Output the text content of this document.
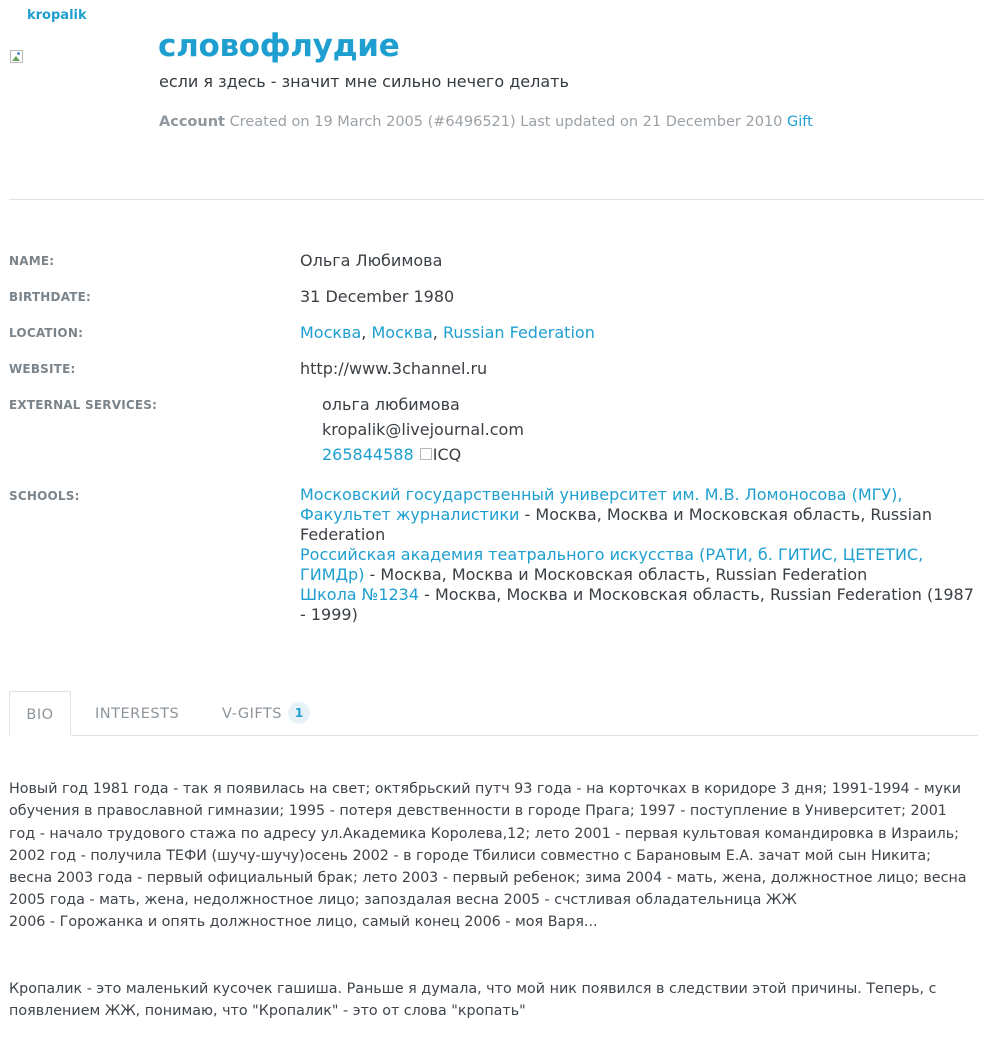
kropalik
словофлудие
если я здесь - значит мне сильно нечего делать
Account Created on 19 March 2005 (#6496521) Last updated on 21 December 2010 Gift
NAME:	Ольга Любимова
BIRTHDATE:	31 December 1980
LOCATION:	Москва, Москва, Russian Federation
WEBSITE:	http://www.3channel.ru
EXTERNAL SERVICES:	ольга любимова
kropalik@livejournal.com
265844588 ICQ
SCHOOLS:	Московский государственный университет им. М.В. Ломоносова (МГУ), Факультет журналистики - Москва, Москва и Московская область, Russian Federation
Российская академия театрального искусства (РАТИ, б. ГИТИС, ЦЕТЕТИС, ГИМДр) - Москва, Москва и Московская область, Russian Federation
Школа №1234 - Москва, Москва и Московская область, Russian Federation (1987 - 1999)
BIO	INTERESTS	V-GIFTS 1

Новый год 1981 года - так я появилась на свет; октябрьский путч 93 года - на корточках в коридоре 3 дня; 1991-1994 - муки обучения в православной гимназии; 1995 - потеря девственности в городе Прага; 1997 - поступление в Университет; 2001 год - начало трудового стажа по адресу ул.Академика Королева,12; лето 2001 - первая культовая командировка в Израиль; 2002 год - получила ТЕФИ (шучу-шучу)осень 2002 - в городе Тбилиси совместно с Барановым Е.А. зачат мой сын Никита; весна 2003 года - первый официальный брак; лето 2003 - первый ребенок; зима 2004 - мать, жена, должностное лицо; весна 2005 года - мать, жена, недолжностное лицо; запоздалая весна 2005 - счстливая обладательница ЖЖ
2006 - Горожанка и опять должностное лицо, самый конец 2006 - моя Варя...

Кропалик - это маленький кусочек гашиша. Раньше я думала, что мой ник появился в следствии этой причины. Теперь, с появлением ЖЖ, понимаю, что "Кропалик" - это от слова "кропать"
